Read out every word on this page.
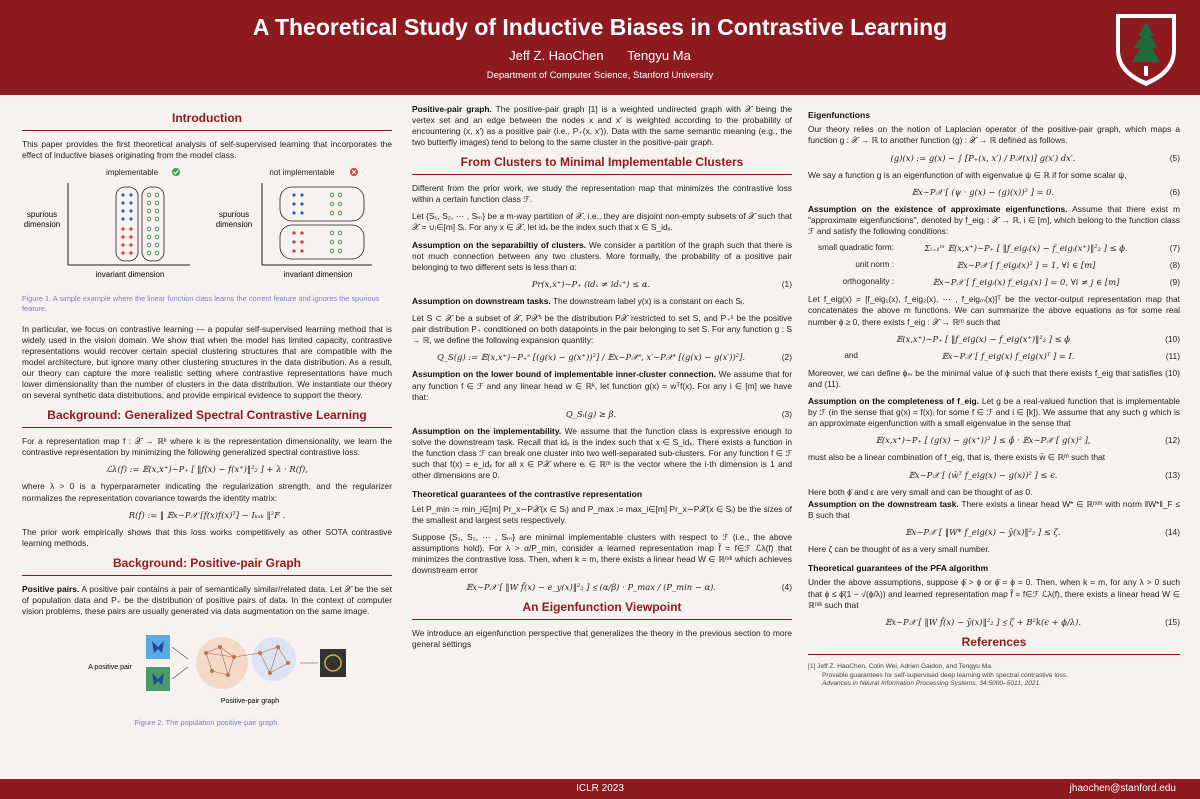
A Theoretical Study of Inductive Biases in Contrastive Learning
Jeff Z. HaoChen Tengyu Ma
Department of Computer Science, Stanford University
Introduction

This paper provides the first theoretical analysis of self-supervised learning that incorporates the effect of inductive biases originating from the model class.

implementable	not implementable
spurious
dimension
invariant dimension
spurious
dimension
invariant dimension
Figure 1. A simple example where the linear function class learns the correct feature and ignores the spurious feature.

In particular, we focus on contrastive learning — a popular self-supervised learning method that is widely used in the vision domain. We show that when the model has limited capacity, contrastive representations would recover certain special clustering structures that are compatible with the model architecture, but ignore many other clustering structures in the data distribution. As a result, our theory can capture the more realistic setting where contrastive representations have much lower dimensionality than the number of clusters in the data distribution. We instantiate our theory on several synthetic data distributions, and provide empirical evidence to support the theory.

Background: Generalized Spectral Contrastive Learning

For a representation map f : 𝒳 → ℝᵏ where k is the representation dimensionality, we learn the contrastive representation by minimizing the following generalized spectral contrastive loss:

ℒλ(f) := 𝔼(x,x⁺)∼P₊ [ ‖f(x) − f(x⁺)‖²₂ ] + λ · R(f),

where λ > 0 is a hyperparameter indicating the regularization strength, and the regularizer normalizes the representation covariance towards the identity matrix:

R(f) := ‖ 𝔼x∼P𝒳 [f(x)f(x)ᵀ] − Iₖₓₖ ‖²F .

The prior work empirically shows that this loss works competitively as other SOTA contrastive learning methods.

Background: Positive-pair Graph

Positive pairs. A positive pair contains a pair of semantically similar/related data. Let 𝒳 be the set of population data and P₊ be the distribution of positive pairs of data. In the context of computer vision problems, these pairs are usually generated via data augmentation on the same image.

A positive pair
Positive-pair graph
Figure 2. The population positive-pair graph.

Positive-pair graph. The positive-pair graph [1] is a weighted undirected graph with 𝒳 being the vertex set and an edge between the nodes x and x′ is weighted according to the probability of encountering (x, x′) as a positive pair (i.e., P₊(x, x′)). Data with the same semantic meaning (e.g., the two butterfly images) tend to belong to the same cluster in the positive-pair graph.

From Clusters to Minimal Implementable Clusters

Different from the prior work, we study the representation map that minimizes the contrastive loss within a certain function class ℱ.

Let {S₁, S₂, ⋯ , Sₘ} be a m-way partition of 𝒳, i.e., they are disjoint non-empty subsets of 𝒳 such that 𝒳 = ∪ᵢ∈[m] Sᵢ. For any x ∈ 𝒳, let idₓ be the index such that x ∈ S_idₓ.

Assumption on the separabiltiy of clusters. We consider a partition of the graph such that there is not much connection between any two clusters. More formally, the probability of a positive pair belonging to two different sets is less than α:

Pr(x,x⁺)∼P₊ (idₓ ≠ idₓ⁺) ≤ α.	(1)

Assumption on downstream tasks. The downstream label y(x) is a constant on each Sᵢ.

Let S ⊂ 𝒳 be a subset of 𝒳, P𝒳ˢ be the distribution P𝒳 restricted to set S, and P₊ˢ be the positive pair distribution P₊ conditioned on both datapoints in the pair belonging to set S. For any function g : S → ℝ, we define the following expansion quantity:

Q_S(g) := 𝔼(x,x⁺)∼P₊ˢ [(g(x) − g(x⁺))²] / 𝔼x∼P𝒳ˢ, x′∼P𝒳ˢ [(g(x) − g(x′))²].	(2)

Assumption on the lower bound of implementable inner-cluster connection. We assume that for any function f ∈ ℱ and any linear head w ∈ ℝᵏ, let function g(x) = wᵀf(x). For any i ∈ [m] we have that:

Q_Sᵢ(g) ≥ β.	(3)

Assumption on the implementability. We assume that the function class is expressive enough to solve the downstream task. Recall that idₓ is the index such that x ∈ S_idₓ. There exists a function in the function class ℱ can break one cluster into two well-separated sub-clusters. For any function f ∈ ℱ such that f(x) = e_idₓ for all x ∈ P𝒳 where eᵢ ∈ ℝᵐ is the vector where the i-th dimension is 1 and other dimensions are 0.

Theoretical guarantees of the contrastive representation

Let P_min := min_i∈[m] Pr_x∼P𝒳(x ∈ Sᵢ) and P_max := max_i∈[m] Pr_x∼P𝒳(x ∈ Sᵢ) be the sizes of the smallest and largest sets respectively.

Suppose {S₁, S₂, ⋯ , Sₘ} are minimal implementable clusters with respect to ℱ (i.e., the above assumptions hold). For λ > α/P_min, consider a learned representation map f̂ = f∈ℱ ℒλ(f) that minimizes the contrastive loss. Then, when k = m, there exists a linear head W ∈ ℝʳˣᵏ which achieves downstream error

𝔼x∼P𝒳 [ ‖W f̂(x) − e_y(x)‖²₂ ] ≲ (α/β) · P_max / (P_min − α).	(4)
An Eigenfunction Viewpoint

We introduce an eigenfunction perspective that generalizes the theory in the previous section to more general settings

Eigenfunctions

Our theory relies on the notion of Laplacian operator of the positive-pair graph, which maps a function g : 𝒳 → ℝ to another function (g) : 𝒳 → ℝ defined as follows.

(g)(x) := g(x) − ∫ [P₊(x, x′) / P𝒳(x)] g(x′) dx′.	(5)

We say a function g is an eigenfunction of with eigenvalue ψ ∈ ℝ if for some scalar ψ,

𝔼x∼P𝒳 [ (ψ · g(x) − (g)(x))² ] = 0.	(6)

Assumption on the existence of approximate eigenfunctions. Assume that there exist m "approximate eigenfunctions", denoted by f_eigᵢ : 𝒳 → ℝ, i ∈ [m], which belong to the function class ℱ and satisfy the following conditions:

small quadratic form:	Σᵢ₌₁ᵐ 𝔼(x,x⁺)∼P₊ [ ‖f_eigᵢ(x) − f_eigᵢ(x⁺)‖²₂ ] ≤ ϕ.	(7)
unit norm :	𝔼x∼P𝒳 [ f_eigᵢ(x)² ] = 1, ∀i ∈ [m]	(8)
orthogonality :	𝔼x∼P𝒳 [ f_eigᵢ(x) f_eigⱼ(x) ] = 0, ∀i ≠ j ∈ [m]	(9)

Let f_eig(x) = [f_eig₁(x), f_eig₂(x), ⋯ , f_eigₘ(x)]ᵀ be the vector-output representation map that concatenates the above m functions. We can summarize the above equations as for some real number ϕ ≥ 0, there exists f_eig : 𝒳 → ℝᵐ such that

𝔼(x,x⁺)∼P₊ [ ‖f_eig(x) − f_eig(x⁺)‖²₂ ] ≤ ϕ	(10)
and	𝔼x∼P𝒳 [ f_eig(x) f_eig(x)ᵀ ] = I.	(11)

Moreover, we can define ϕₘ be the minimal value of ϕ such that there exists f_eig that satisfies (10) and (11).

Assumption on the completeness of f_eig. Let g be a real-valued function that is implementable by ℱ (in the sense that g(x) = f(x)ᵢ for some f ∈ ℱ and i ∈ [k]). We assume that any such g which is an approximate eigenfunction with a small eigenvalue in the sense that

𝔼(x,x⁺)∼P₊ [ (g(x) − g(x⁺))² ] ≤ ϕ̄ · 𝔼x∼P𝒳 [ g(x)² ],	(12)

must also be a linear combination of f_eig, that is, there exists w̄ ∈ ℝᵐ such that

𝔼x∼P𝒳 [ (w̄ᵀ f_eig(x) − g(x))² ] ≤ ϵ.	(13)

Here both ϕ̄ and ϵ are very small and can be thought of as 0.

Assumption on the downstream task. There exists a linear head W* ∈ ℝʳˣᵐ with norm ‖W*‖_F ≤ B such that

𝔼x∼P𝒳 [ ‖W* f_eig(x) − ȳ(x)‖²₂ ] ≤ ζ.	(14)

Here ζ can be thought of as a very small number.

Theoretical guarantees of the PFA algorithm

Under the above assumptions, suppose ϕ̄ > ϕ or ϕ̄ = ϕ = 0. Then, when k = m, for any λ > 0 such that ϕ ≤ ϕ̄(1 − √(ϕ/λ)) and learned representation map f̂ = f∈ℱ ℒλ(f), there exists a linear head W ∈ ℝʳˣᵏ such that

𝔼x∼P𝒳 [ ‖W f̂(x) − ȳ(x)‖²₂ ] ≲ ζ + B²k(ϵ + ϕ/λ).	(15)
References
[1] Jeff Z. HaoChen, Colin Wei, Adrien Gaidon, and Tengyu Ma.
Provable guarantees for self-supervised deep learning with spectral contrastive loss.
Advances in Neural Information Processing Systems, 34:5000–5011, 2021.
ICLR 2023	jhaochen@stanford.edu
